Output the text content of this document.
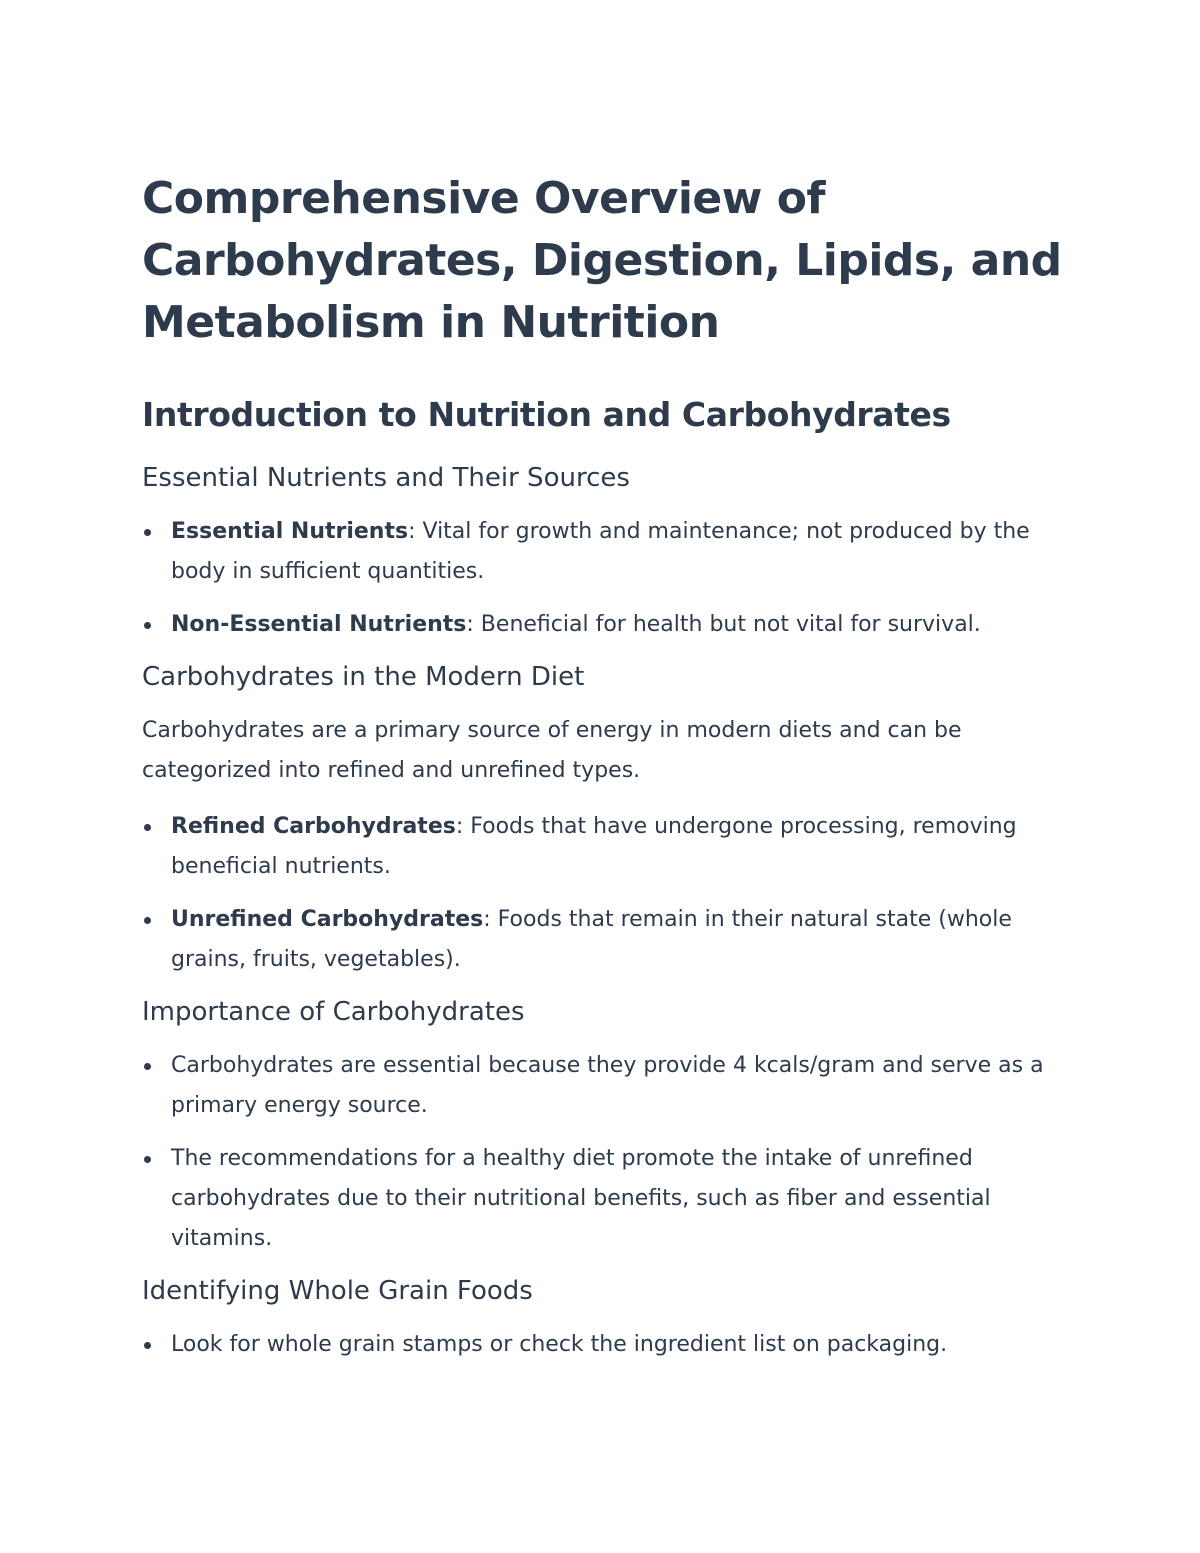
Comprehensive Overview of Carbohydrates, Digestion, Lipids, and Metabolism in Nutrition
Introduction to Nutrition and Carbohydrates
Essential Nutrients and Their Sources
Essential Nutrients: Vital for growth and maintenance; not produced by the body in sufficient quantities.
Non-Essential Nutrients: Beneficial for health but not vital for survival.
Carbohydrates in the Modern Diet

Carbohydrates are a primary source of energy in modern diets and can be categorized into refined and unrefined types.

Refined Carbohydrates: Foods that have undergone processing, removing beneficial nutrients.
Unrefined Carbohydrates: Foods that remain in their natural state (whole grains, fruits, vegetables).
Importance of Carbohydrates
Carbohydrates are essential because they provide 4 kcals/gram and serve as a primary energy source.
The recommendations for a healthy diet promote the intake of unrefined carbohydrates due to their nutritional benefits, such as fiber and essential vitamins.
Identifying Whole Grain Foods
Look for whole grain stamps or check the ingredient list on packaging.
